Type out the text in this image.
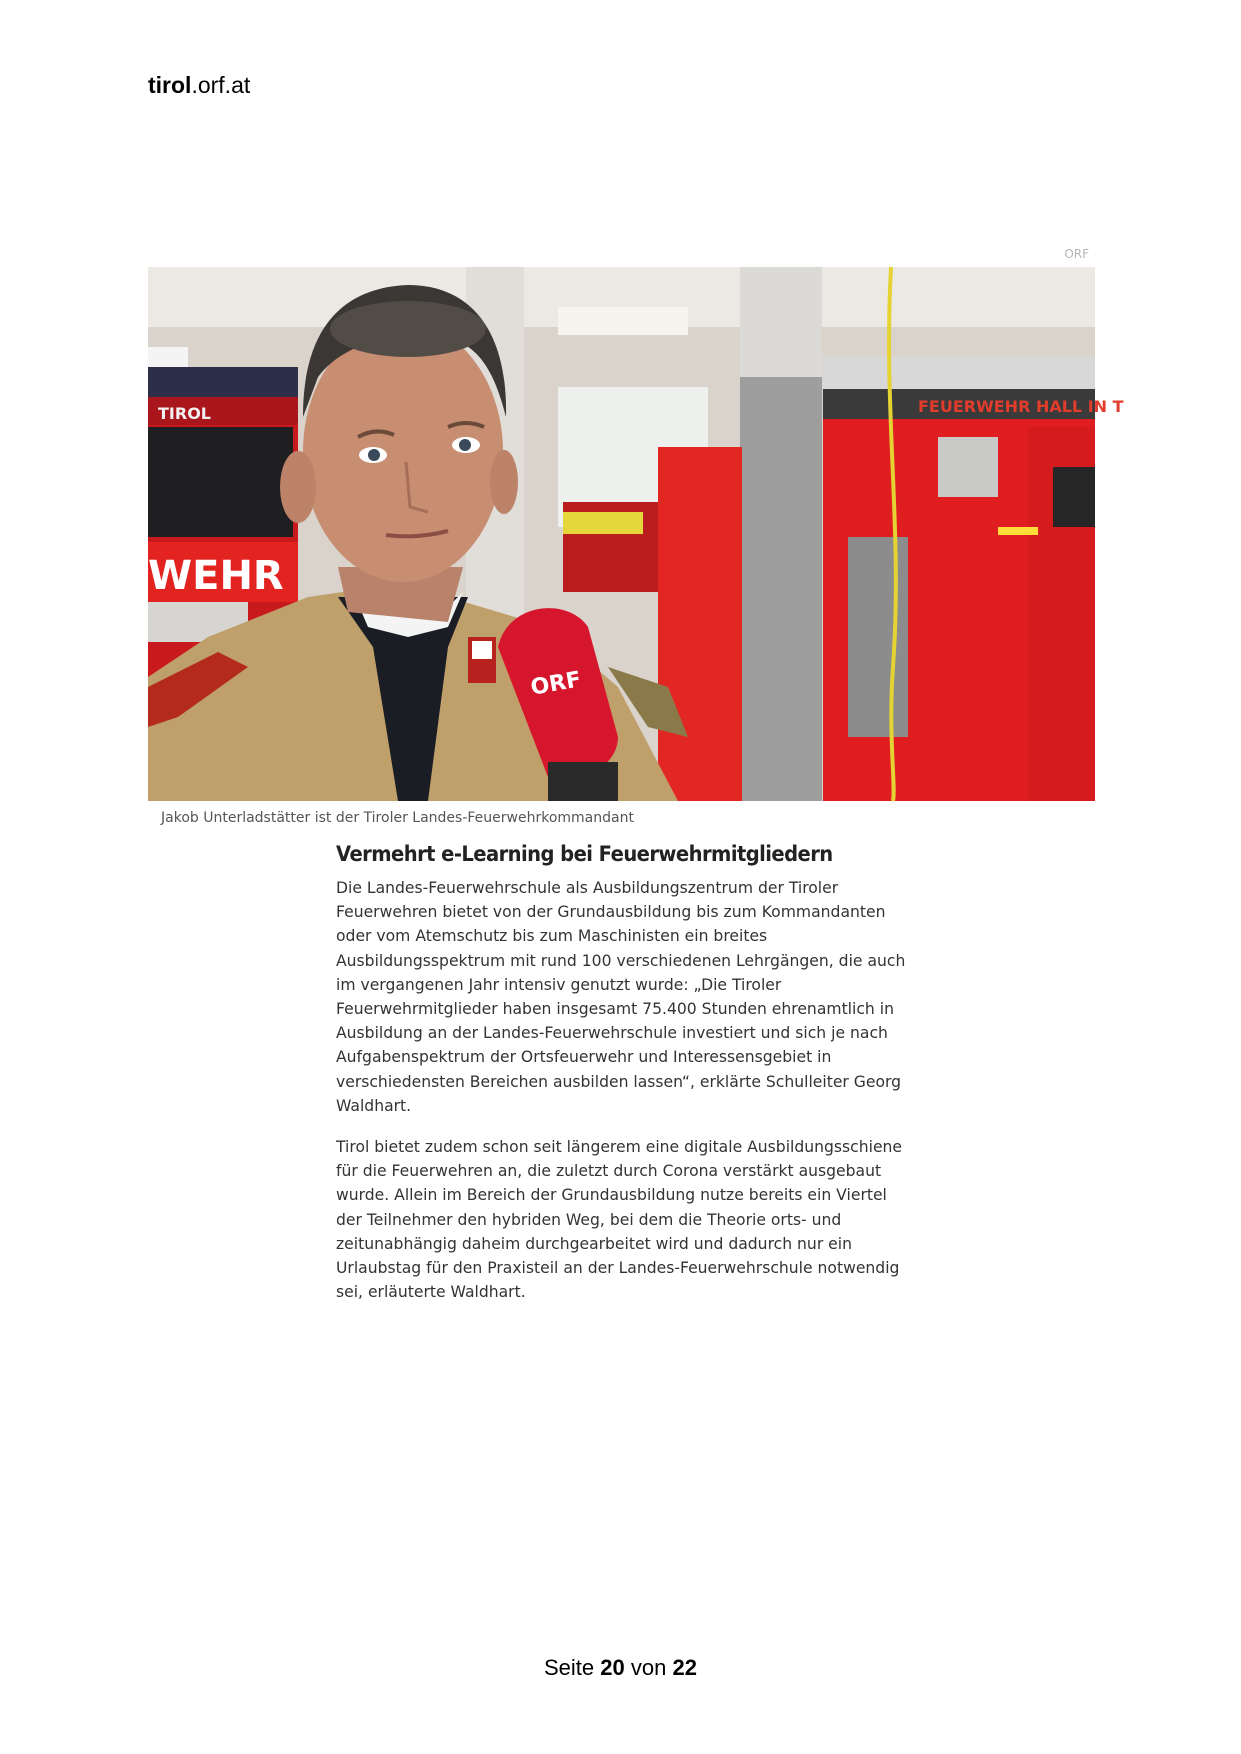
tirol.orf.at
ORF
TIROL
WEHR
FEUERWEHR HALL IN T
ORF
Jakob Unterladstätter ist der Tiroler Landes-Feuerwehrkommandant
Vermehrt e-Learning bei Feuerwehrmitgliedern

Die Landes-Feuerwehrschule als Ausbildungszentrum der Tiroler Feuerwehren bietet von der Grundausbildung bis zum Kommandanten oder vom Atemschutz bis zum Maschinisten ein breites Ausbildungsspektrum mit rund 100 verschiedenen Lehrgängen, die auch im vergangenen Jahr intensiv genutzt wurde: „Die Tiroler Feuerwehrmitglieder haben insgesamt 75.400 Stunden ehrenamtlich in Ausbildung an der Landes-Feuerwehrschule investiert und sich je nach Aufgabenspektrum der Ortsfeuerwehr und Interessensgebiet in verschiedensten Bereichen ausbilden lassen“, erklärte Schulleiter Georg Waldhart.

Tirol bietet zudem schon seit längerem eine digitale Ausbildungsschiene für die Feuerwehren an, die zuletzt durch Corona verstärkt ausgebaut wurde. Allein im Bereich der Grundausbildung nutze bereits ein Viertel der Teilnehmer den hybriden Weg, bei dem die Theorie orts- und zeitunabhängig daheim durchgearbeitet wird und dadurch nur ein Urlaubstag für den Praxisteil an der Landes-Feuerwehrschule notwendig sei, erläuterte Waldhart.

Seite 20 von 22
